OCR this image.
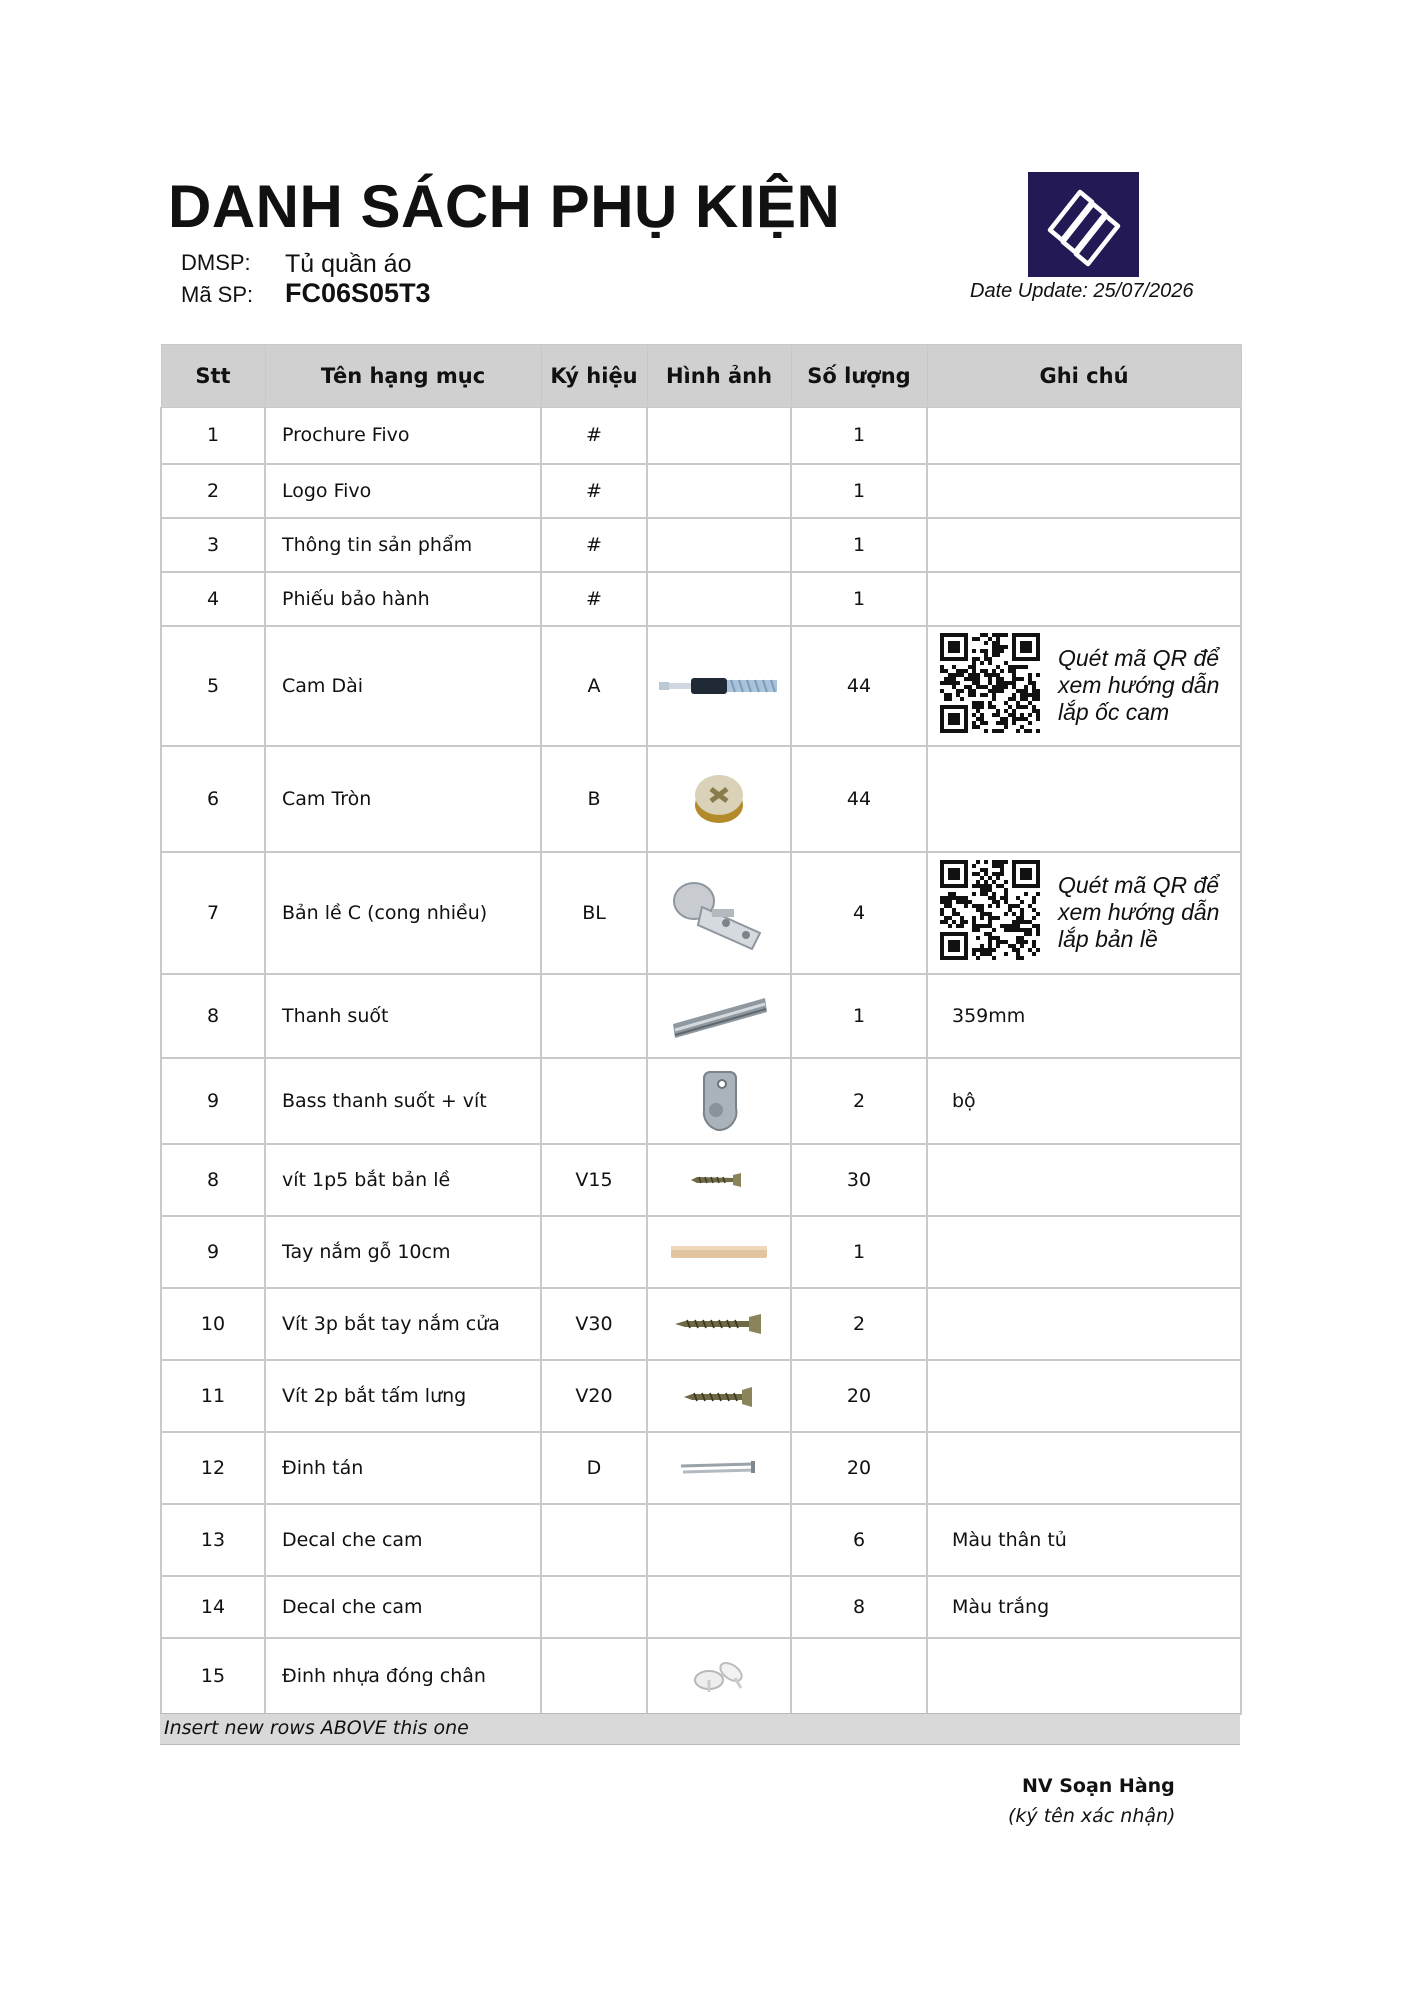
DANH SÁCH PHỤ KIỆN
DMSP: Tủ quần áo
Mã SP: FC06S05T3	Date Update: 25/07/2026
Stt	Tên hạng mục	Ký hiệu	Hình ảnh	Số lượng	Ghi chú
1	Prochure Fivo	#		1	
2	Logo Fivo	#		1	
3	Thông tin sản phẩm	#		1	
4	Phiếu bảo hành	#		1	
5	Cam Dài	A		44	Quét mã QR để xem hướng dẫn lắp ốc cam

6	Cam Tròn	B		44	
7	Bản lề C (cong nhiều)	BL		4	Quét mã QR để xem hướng dẫn lắp bản lề

8	Thanh suốt			1	359mm
9	Bass thanh suốt + vít			2	bộ
8	vít 1p5 bắt bản lề	V15		30	
9	Tay nắm gỗ 10cm			1	
10	Vít 3p bắt tay nắm cửa	V30		2	
11	Vít 2p bắt tấm lưng	V20		20	
12	Đinh tán	D		20	
13	Decal che cam			6	Màu thân tủ
14	Decal che cam			8	Màu trắng
15	Đinh nhựa đóng chân				
Insert new rows ABOVE this one
NV Soạn Hàng
(ký tên xác nhận)
